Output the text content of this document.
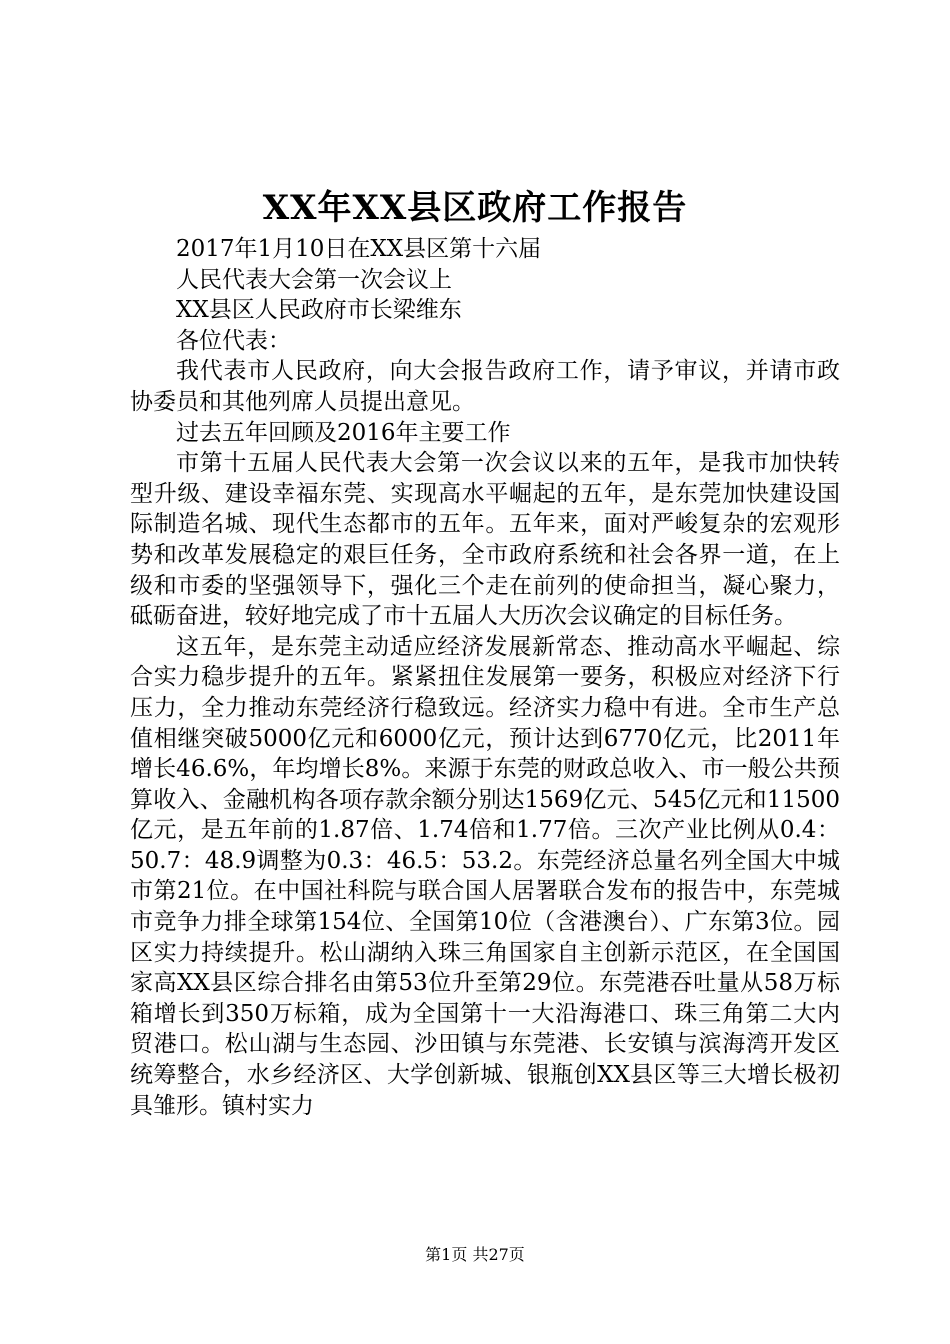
XX年XX县区政府工作报告

2017年1月10日在XX县区第十六届

人民代表大会第一次会议上

XX县区人民政府市长梁维东

各位代表：

我代表市人民政府，向大会报告政府工作，请予审议，并请市政协委员和其他列席人员提出意见。

过去五年回顾及2016年主要工作

市第十五届人民代表大会第一次会议以来的五年，是我市加快转型升级、建设幸福东莞、实现高水平崛起的五年，是东莞加快建设国际制造名城、现代生态都市的五年。五年来，面对严峻复杂的宏观形势和改革发展稳定的艰巨任务，全市政府系统和社会各界一道，在上级和市委的坚强领导下，强化三个走在前列的使命担当，凝心聚力，砥砺奋进，较好地完成了市十五届人大历次会议确定的目标任务。

这五年，是东莞主动适应经济发展新常态、推动高水平崛起、综合实力稳步提升的五年。紧紧扭住发展第一要务，积极应对经济下行压力，全力推动东莞经济行稳致远。经济实力稳中有进。全市生产总值相继突破5000亿元和6000亿元，预计达到6770亿元，比2011年增长46.6%，年均增长8%。来源于东莞的财政总收入、市一般公共预算收入、金融机构各项存款余额分别达1569亿元、545亿元和11500亿元，是五年前的1.87倍、1.74倍和1.77倍。三次产业比例从0.4：50.7：48.9调整为0.3：46.5：53.2。东莞经济总量名列全国大中城市第21位。在中国社科院与联合国人居署联合发布的报告中，东莞城市竞争力排全球第154位、全国第10位（含港澳台）、广东第3位。园区实力持续提升。松山湖纳入珠三角国家自主创新示范区，在全国国家高XX县区综合排名由第53位升至第29位。东莞港吞吐量从58万标箱增长到350万标箱，成为全国第十一大沿海港口、珠三角第二大内贸港口。松山湖与生态园、沙田镇与东莞港、长安镇与滨海湾开发区统筹整合，水乡经济区、大学创新城、银瓶创XX县区等三大增长极初具雏形。镇村实力

第1页 共27页
